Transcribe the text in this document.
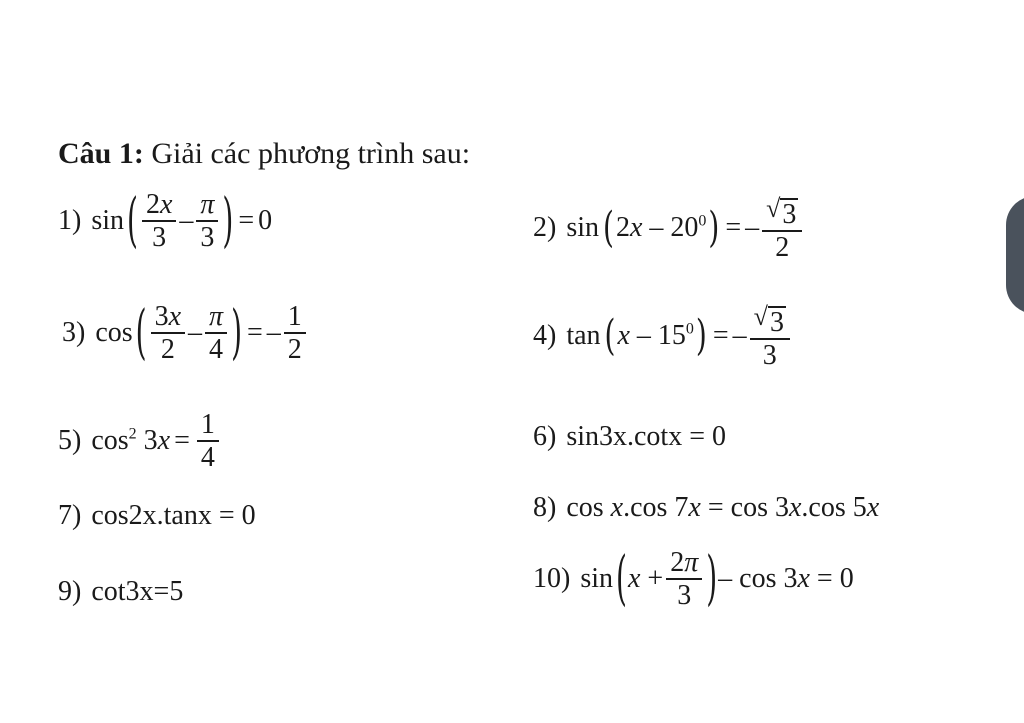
Câu 1: Giải các phương trình sau:
1) sin ( $\frac{2x}{3} - \frac{\pi}{3}$ ) = 0	2) sin ( $2x - 20^0$ ) = – $\frac{√ 3}{2}$
3) cos ( $\frac{3x}{2} - \frac{\pi}{4}$ ) = – $\frac{1}{2}$	4) tan ( x – $15^0$ ) = – $\frac{√ 3}{3}$
5) $\cos^2 3x = \frac{1}{4}$	6) sin3x.cotx = 0
7) cos2x.tanx = 0	8) cos x.cos 7x = cos 3x.cos 5x
9) cot3x=5	10) sin ( $x + \frac{2\pi}{3}$ ) – cos 3x = 0
